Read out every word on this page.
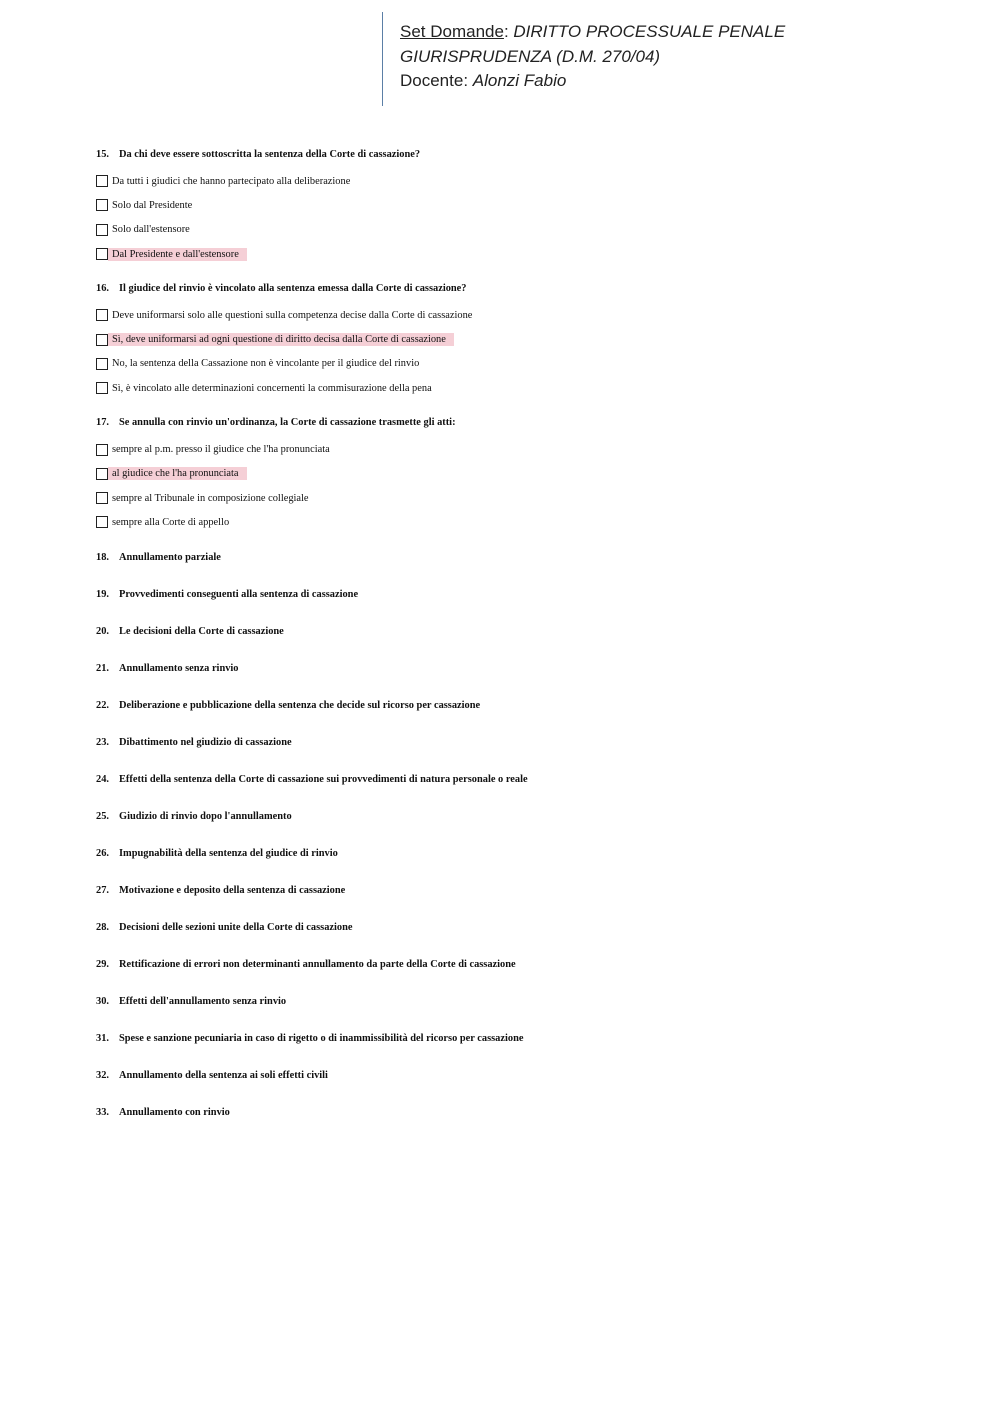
Set Domande: DIRITTO PROCESSUALE PENALE
GIURISPRUDENZA (D.M. 270/04)
Docente: Alonzi Fabio
15. Da chi deve essere sottoscritta la sentenza della Corte di cassazione?
Da tutti i giudici che hanno partecipato alla deliberazione
Solo dal Presidente
Solo dall'estensore
Dal Presidente e dall'estensore
16. Il giudice del rinvio è vincolato alla sentenza emessa dalla Corte di cassazione?
Deve uniformarsi solo alle questioni sulla competenza decise dalla Corte di cassazione
Sì, deve uniformarsi ad ogni questione di diritto decisa dalla Corte di cassazione
No, la sentenza della Cassazione non è vincolante per il giudice del rinvio
Sì, è vincolato alle determinazioni concernenti la commisurazione della pena
17. Se annulla con rinvio un'ordinanza, la Corte di cassazione trasmette gli atti:
sempre al p.m. presso il giudice che l'ha pronunciata
al giudice che l'ha pronunciata
sempre al Tribunale in composizione collegiale
sempre alla Corte di appello
18. Annullamento parziale
19. Provvedimenti conseguenti alla sentenza di cassazione
20. Le decisioni della Corte di cassazione
21. Annullamento senza rinvio
22. Deliberazione e pubblicazione della sentenza che decide sul ricorso per cassazione
23. Dibattimento nel giudizio di cassazione
24. Effetti della sentenza della Corte di cassazione sui provvedimenti di natura personale o reale
25. Giudizio di rinvio dopo l'annullamento
26. Impugnabilità della sentenza del giudice di rinvio
27. Motivazione e deposito della sentenza di cassazione
28. Decisioni delle sezioni unite della Corte di cassazione
29. Rettificazione di errori non determinanti annullamento da parte della Corte di cassazione
30. Effetti dell'annullamento senza rinvio
31. Spese e sanzione pecuniaria in caso di rigetto o di inammissibilità del ricorso per cassazione
32. Annullamento della sentenza ai soli effetti civili
33. Annullamento con rinvio
